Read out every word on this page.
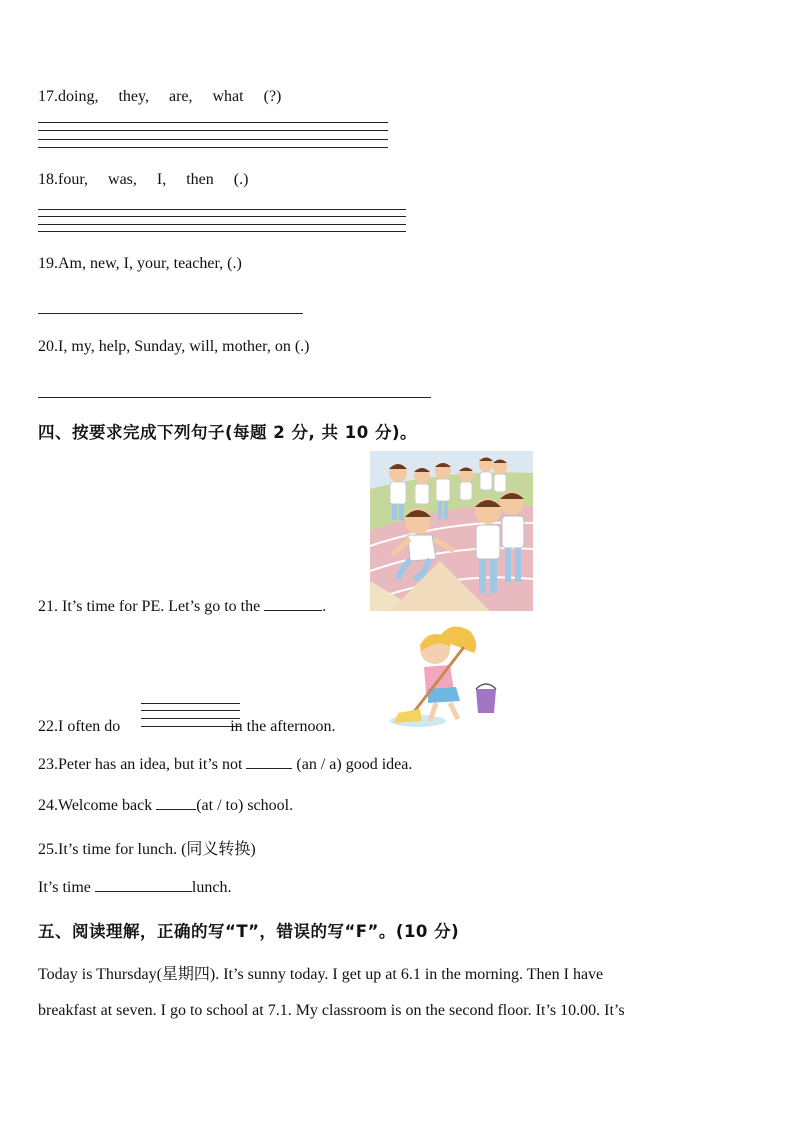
17.doing, they, are, what (?)
18.four, was, I, then (.)
19.Am, new, I, your, teacher, (.)
20.I, my, help, Sunday, will, mother, on (.)
四、按要求完成下列句子(每题 2 分, 共 10 分)。
21. It’s time for PE. Let’s go to the	.
22.I often do	in the afternoon.
23.Peter has an idea, but it’s not	(an / a) good idea.
24.Welcome back	(at / to) school.
25.It’s time for lunch. (同义转换)
It’s time	lunch.
五、阅读理解，正确的写“T”，错误的写“F”。(10 分)
Today is Thursday(星期四). It’s sunny today. I get up at 6.1 in the morning. Then I have
breakfast at seven. I go to school at 7.1. My classroom is on the second floor. It’s 10.00. It’s
